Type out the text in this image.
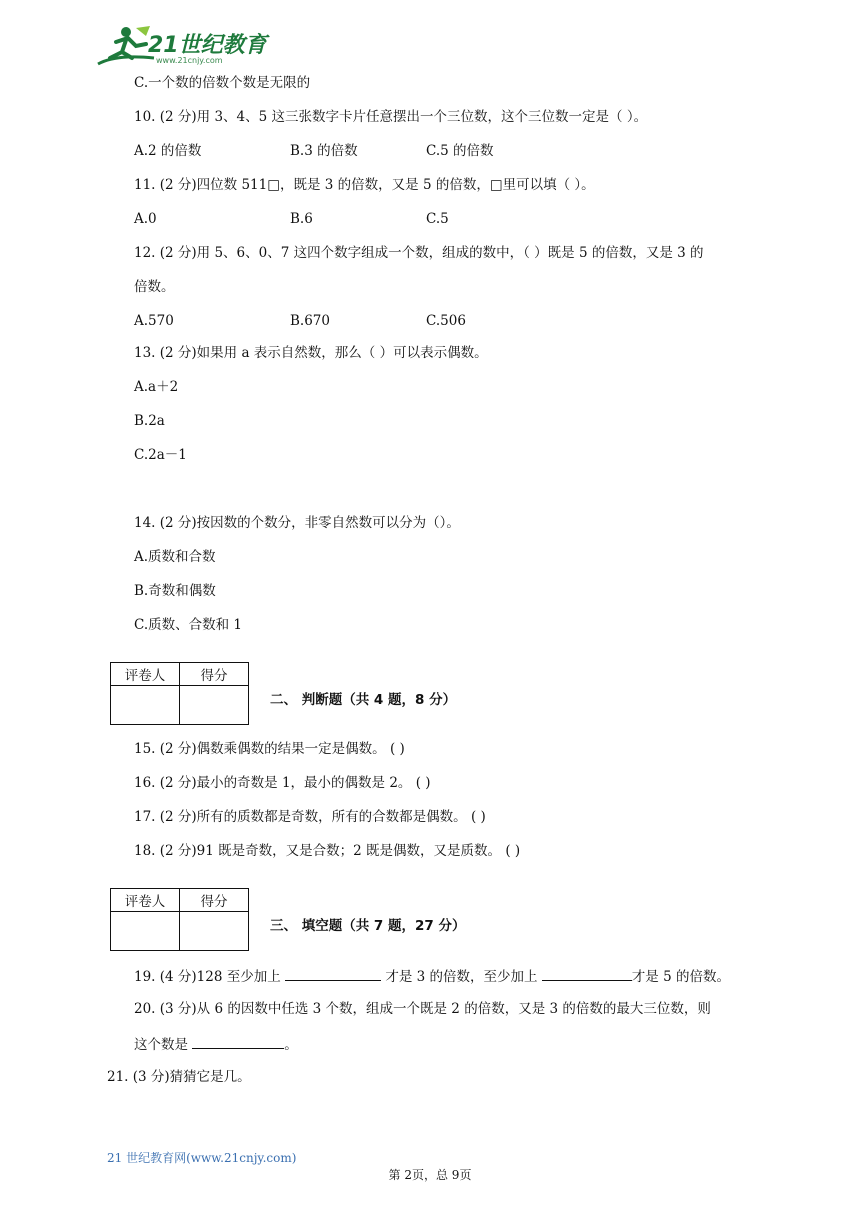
21世纪教育
www.21cnjy.com
C.一个数的倍数个数是无限的
10. (2 分)用 3、4、5 这三张数字卡片任意摆出一个三位数，这个三位数一定是（ ）。
A.2 的倍数	B.3 的倍数	C.5 的倍数
11. (2 分)四位数 511□，既是 3 的倍数，又是 5 的倍数，□里可以填（ ）。
A.0	B.6	C.5
12. (2 分)用 5、6、0、7 这四个数字组成一个数，组成的数中，（ ）既是 5 的倍数，又是 3 的
倍数。
A.570	B.670	C.506
13. (2 分)如果用 a 表示自然数，那么（ ）可以表示偶数。
A.a＋2
B.2a
C.2a－1
14. (2 分)按因数的个数分，非零自然数可以分为（）。
A.质数和合数
B.奇数和偶数
C.质数、合数和 1
评卷人	得分

二、 判断题（共 4 题，8 分）
15. (2 分)偶数乘偶数的结果一定是偶数。 ( )
16. (2 分)最小的奇数是 1，最小的偶数是 2。 ( )
17. (2 分)所有的质数都是奇数，所有的合数都是偶数。 ( )
18. (2 分)91 既是奇数，又是合数；2 既是偶数，又是质数。 ( )
评卷人	得分

三、 填空题（共 7 题，27 分）
19. (4 分)128 至少加上	才是 3 的倍数，至少加上	才是 5 的倍数。
20. (3 分)从 6 的因数中任选 3 个数，组成一个既是 2 的倍数，又是 3 的倍数的最大三位数，则
这个数是	。
21. (3 分)猜猜它是几。
21 世纪教育网(www.21cnjy.com)
第 2页，总 9页
